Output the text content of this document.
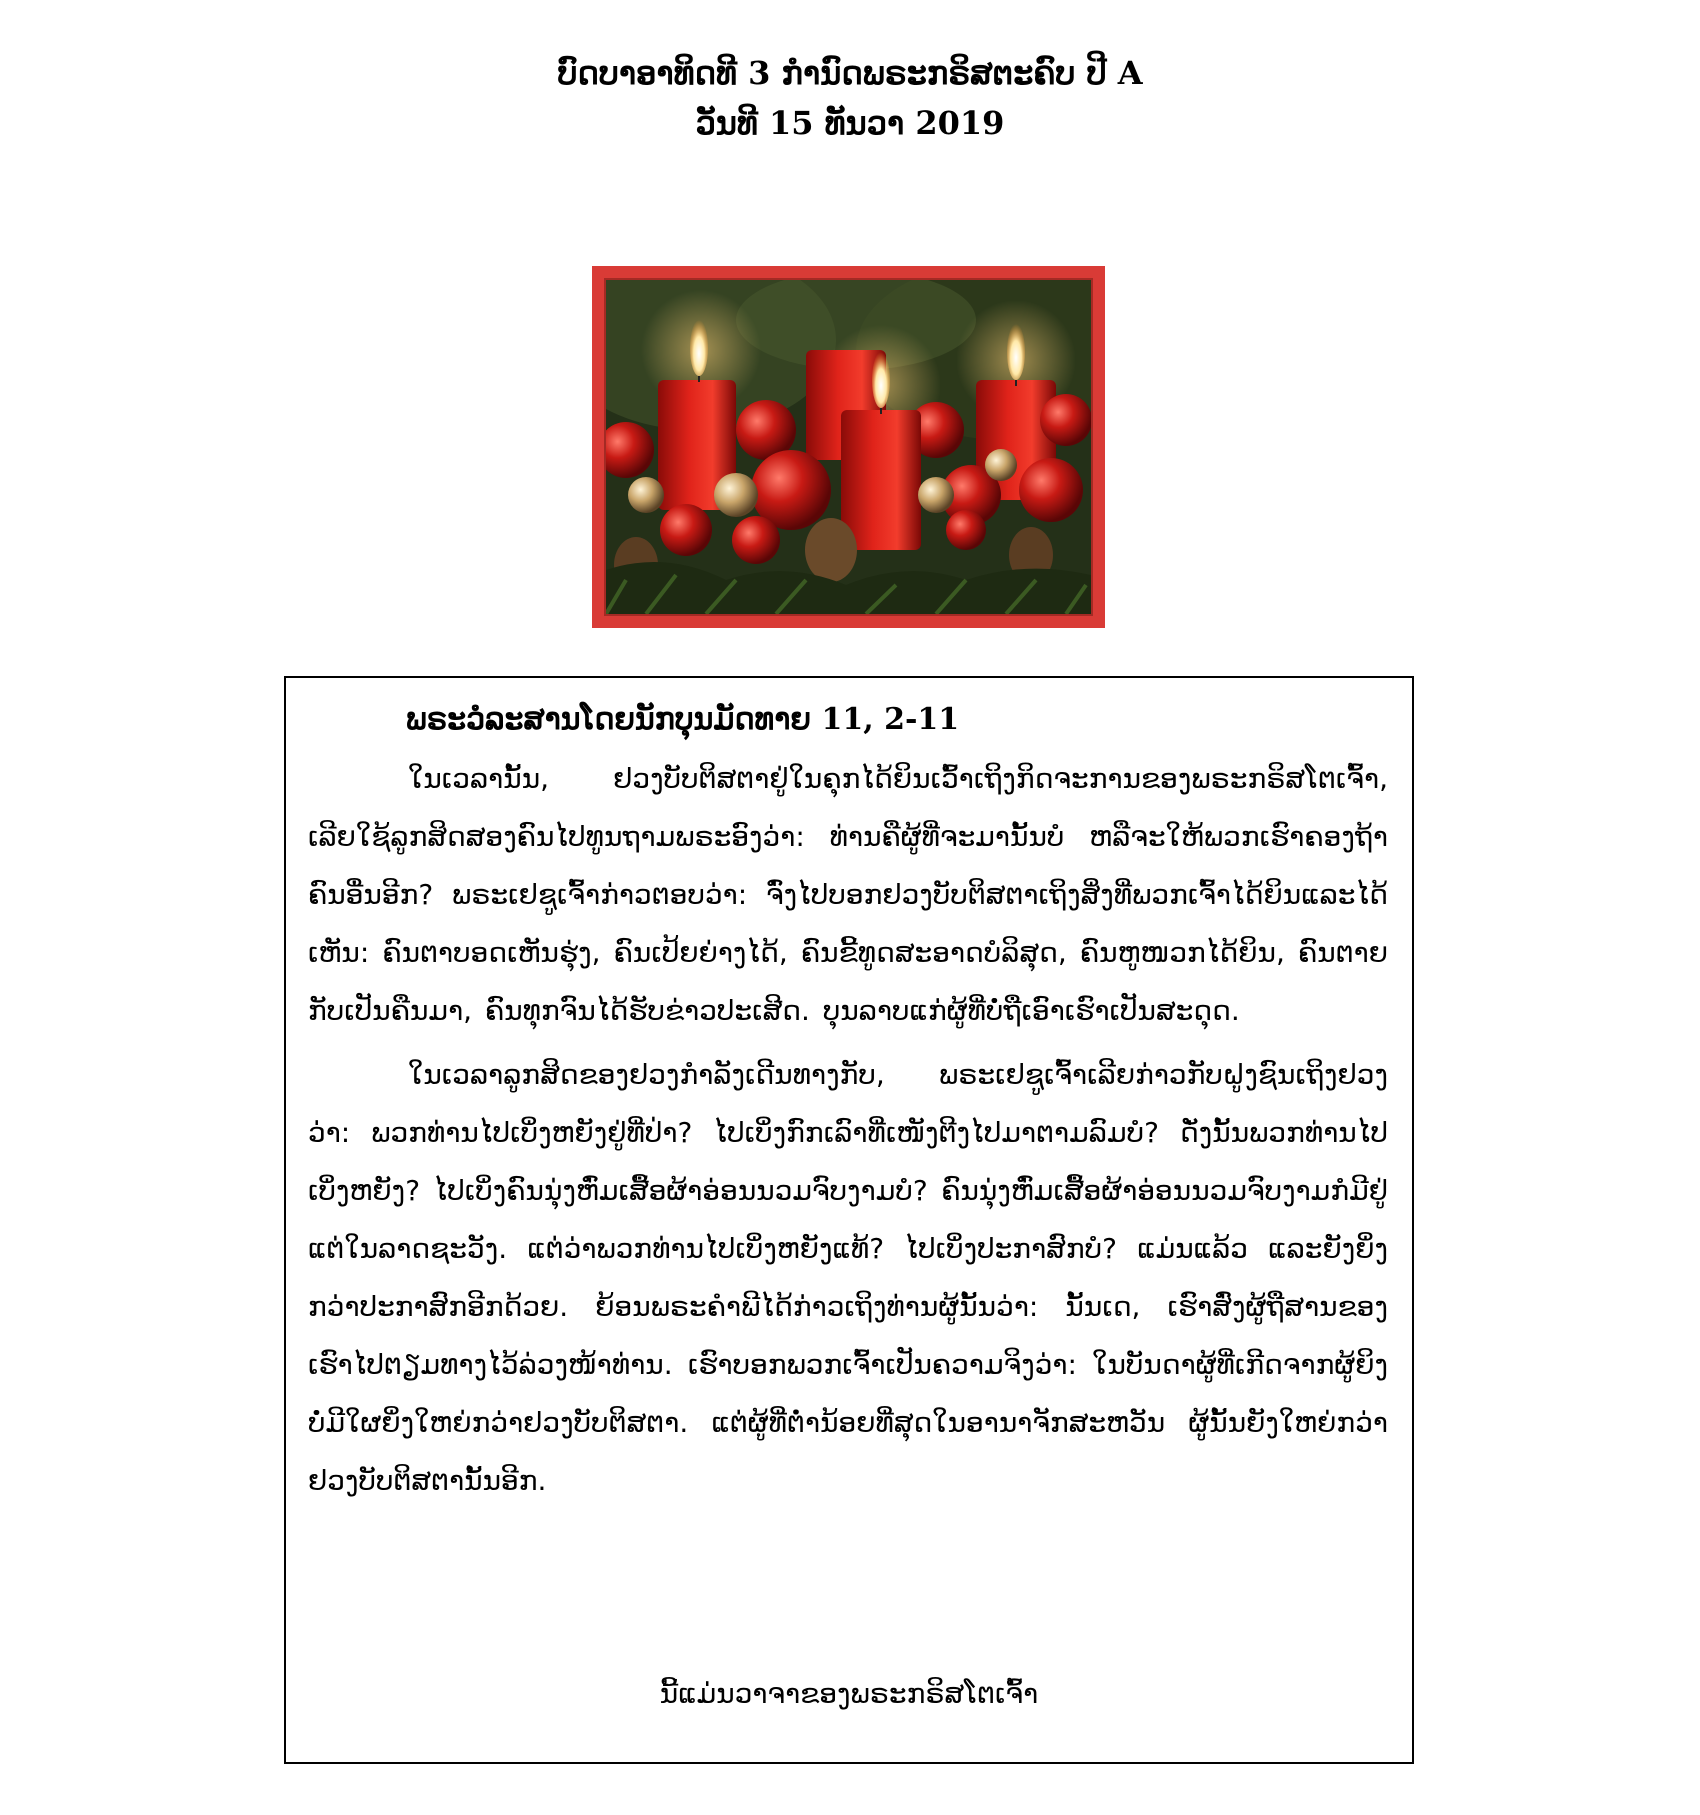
ບົດບາອາທິດທີ 3 ກຳນົດພຣະກຣິສຕະຄົບ ປີ A

ວັນທີ 15 ທັນວາ 2019

ພຣະວໍລະສານໂດຍນັກບຸນມັດທາຍ 11, 2-11

ໃນເວລານັ້ນ, ຢວງບັບຕິສຕາຢູ່ໃນຄຸກໄດ້ຍິນເວົ້າເຖິງກິດຈະການຂອງພຣະກຣິສໂຕເຈົ້າ, ເລີຍໃຊ້ລູກສິດສອງຄົນໄປທູນຖາມພຣະອົງວ່າ: ທ່ານຄືຜູ້ທີ່ຈະມານັ້ນບໍ ຫລືຈະໃຫ້ພວກເຮົາຄອງຖ້າຄົນອື່ນອີກ? ພຣະເຢຊູເຈົ້າກ່າວຕອບວ່າ: ຈົ່ງໄປບອກຢວງບັບຕິສຕາເຖິງສິ່ງທີ່ພວກເຈົ້າໄດ້ຍິນແລະໄດ້ເຫັນ: ຄົນຕາບອດເຫັນຮຸ່ງ, ຄົນເປ້ຍຍ່າງໄດ້, ຄົນຂີ້ທູດສະອາດບໍລິສຸດ, ຄົນຫູໜວກໄດ້ຍິນ, ຄົນຕາຍກັບເປັນຄືນມາ, ຄົນທຸກຈົນໄດ້ຮັບຂ່າວປະເສີດ. ບຸນລາບແກ່ຜູ້ທີ່ບໍ່ຖືເອົາເຮົາເປັນສະດຸດ.

ໃນເວລາລູກສິດຂອງຢວງກຳລັງເດີນທາງກັບ, ພຣະເຢຊູເຈົ້າເລີຍກ່າວກັບຝູງຊົນເຖິງຢວງວ່າ: ພວກທ່ານໄປເບິ່ງຫຍັງຢູ່ທີ່ປ່າ? ໄປເບິ່ງກົກເລົາທີ່ເໜັງຕີງໄປມາຕາມລົມບໍ? ດັ່ງນັ້ນພວກທ່ານໄປເບິ່ງຫຍັງ? ໄປເບິ່ງຄົນນຸ່ງຫົ່ມເສື້ອຜ້າອ່ອນນວມຈົບງາມບໍ? ຄົນນຸ່ງຫົ່ມເສື້ອຜ້າອ່ອນນວມຈົບງາມກໍມີຢູ່ແຕ່ໃນລາດຊະວັງ. ແຕ່ວ່າພວກທ່ານໄປເບິ່ງຫຍັງແທ້? ໄປເບິ່ງປະກາສົກບໍ? ແມ່ນແລ້ວ ແລະຍັງຍິ່ງກວ່າປະກາສົກອີກດ້ວຍ. ຍ້ອນພຣະຄຳພີໄດ້ກ່າວເຖິງທ່ານຜູ້ນັ້ນວ່າ: ນັ້ນເດ, ເຮົາສົ່ງຜູ້ຖືສານຂອງເຮົາໄປຕຽມທາງໄວ້ລ່ວງໜ້າທ່ານ. ເຮົາບອກພວກເຈົ້າເປັນຄວາມຈິງວ່າ: ໃນບັນດາຜູ້ທີ່ເກີດຈາກຜູ້ຍິງ ບໍ່ມີໃຜຍິ່ງໃຫຍ່ກວ່າຢວງບັບຕິສຕາ. ແຕ່ຜູ້ທີ່ຕ່ຳນ້ອຍທີ່ສຸດໃນອານາຈັກສະຫວັນ ຜູ້ນັ້ນຍັງໃຫຍ່ກວ່າຢວງບັບຕິສຕານັ້ນອີກ.

ນີ້ແມ່ນວາຈາຂອງພຣະກຣິສໂຕເຈົ້າ
